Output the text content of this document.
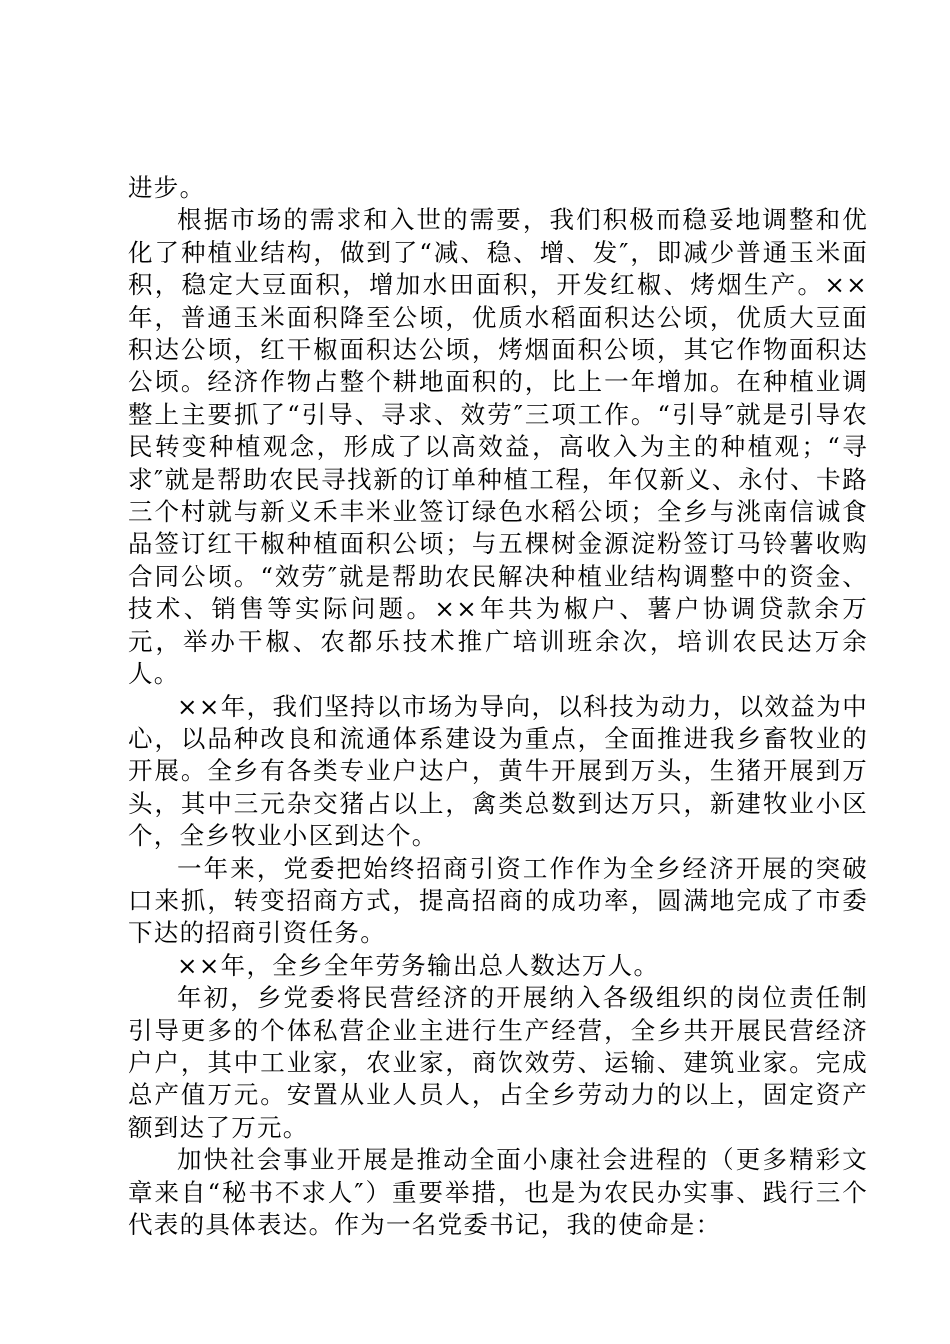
进步。

根据市场的需求和入世的需要，我们积极而稳妥地调整和优化了种植业结构，做到了“减、稳、增、发″，即减少普通玉米面积，稳定大豆面积，增加水田面积，开发红椒、烤烟生产。××年，普通玉米面积降至公顷，优质水稻面积达公顷，优质大豆面积达公顷，红干椒面积达公顷，烤烟面积公顷，其它作物面积达公顷。经济作物占整个耕地面积的，比上一年增加。在种植业调整上主要抓了“引导、寻求、效劳″三项工作。“引导″就是引导农民转变种植观念，形成了以高效益，高收入为主的种植观；“寻求″就是帮助农民寻找新的订单种植工程，年仅新义、永付、卡路三个村就与新义禾丰米业签订绿色水稻公顷；全乡与洮南信诚食品签订红干椒种植面积公顷；与五棵树金源淀粉签订马铃薯收购合同公顷。“效劳″就是帮助农民解决种植业结构调整中的资金、技术、销售等实际问题。××年共为椒户、薯户协调贷款余万元，举办干椒、农都乐技术推广培训班余次，培训农民达万余人。

××年，我们坚持以市场为导向，以科技为动力，以效益为中心，以品种改良和流通体系建设为重点，全面推进我乡畜牧业的开展。全乡有各类专业户达户，黄牛开展到万头，生猪开展到万头，其中三元杂交猪占以上，禽类总数到达万只，新建牧业小区个，全乡牧业小区到达个。

一年来，党委把始终招商引资工作作为全乡经济开展的突破口来抓，转变招商方式，提高招商的成功率，圆满地完成了市委下达的招商引资任务。

××年，全乡全年劳务输出总人数达万人。

年初，乡党委将民营经济的开展纳入各级组织的岗位责任制引导更多的个体私营企业主进行生产经营，全乡共开展民营经济户户，其中工业家，农业家，商饮效劳、运输、建筑业家。完成总产值万元。安置从业人员人，占全乡劳动力的以上，固定资产额到达了万元。

加快社会事业开展是推动全面小康社会进程的（更多精彩文章来自“秘书不求人″）重要举措，也是为农民办实事、践行三个代表的具体表达。作为一名党委书记，我的使命是：
